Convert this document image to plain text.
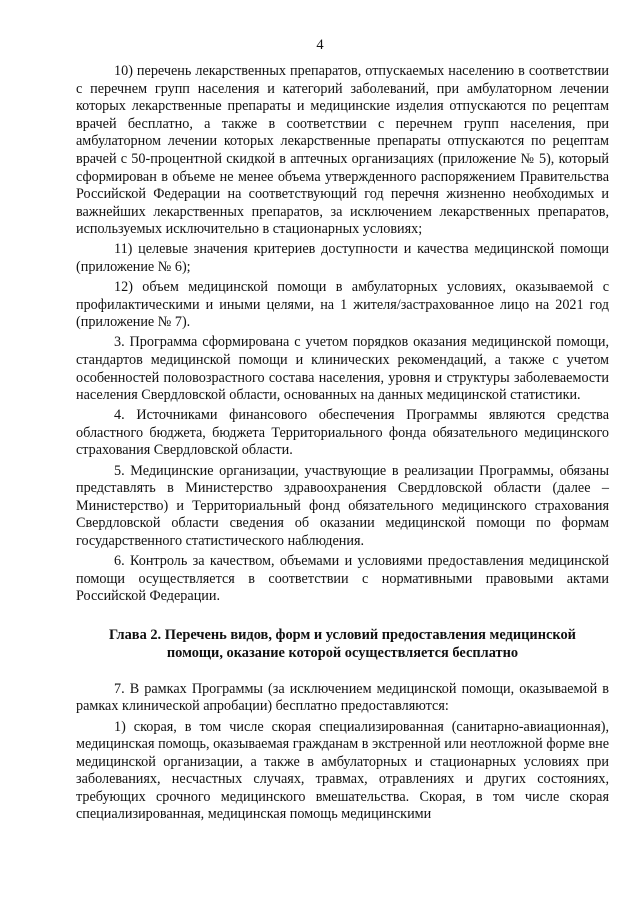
4

10) перечень лекарственных препаратов, отпускаемых населению в соответствии с перечнем групп населения и категорий заболеваний, при амбулаторном лечении которых лекарственные препараты и медицинские изделия отпускаются по рецептам врачей бесплатно, а также в соответствии с перечнем групп населения, при амбулаторном лечении которых лекарственные препараты отпускаются по рецептам врачей с 50-процентной скидкой в аптечных организациях (приложение № 5), который сформирован в объеме не менее объема утвержденного распоряжением Правительства Российской Федерации на соответствующий год перечня жизненно необходимых и важнейших лекарственных препаратов, за исключением лекарственных препаратов, используемых исключительно в стационарных условиях;

11) целевые значения критериев доступности и качества медицинской помощи (приложение № 6);

12) объем медицинской помощи в амбулаторных условиях, оказываемой с профилактическими и иными целями, на 1 жителя/застрахованное лицо на 2021 год (приложение № 7).

3. Программа сформирована с учетом порядков оказания медицинской помощи, стандартов медицинской помощи и клинических рекомендаций, а также с учетом особенностей половозрастного состава населения, уровня и структуры заболеваемости населения Свердловской области, основанных на данных медицинской статистики.

4. Источниками финансового обеспечения Программы являются средства областного бюджета, бюджета Территориального фонда обязательного медицинского страхования Свердловской области.

5. Медицинские организации, участвующие в реализации Программы, обязаны представлять в Министерство здравоохранения Свердловской области (далее – Министерство) и Территориальный фонд обязательного медицинского страхования Свердловской области сведения об оказании медицинской помощи по формам государственного статистического наблюдения.

6. Контроль за качеством, объемами и условиями предоставления медицинской помощи осуществляется в соответствии с нормативными правовыми актами Российской Федерации.

Глава 2. Перечень видов, форм и условий предоставления медицинской
помощи, оказание которой осуществляется бесплатно

7. В рамках Программы (за исключением медицинской помощи, оказываемой в рамках клинической апробации) бесплатно предоставляются:

1) скорая, в том числе скорая специализированная (санитарно-авиационная), медицинская помощь, оказываемая гражданам в экстренной или неотложной форме вне медицинской организации, а также в амбулаторных и стационарных условиях при заболеваниях, несчастных случаях, травмах, отравлениях и других состояниях, требующих срочного медицинского вмешательства. Скорая, в том числе скорая специализированная, медицинская помощь медицинскими
